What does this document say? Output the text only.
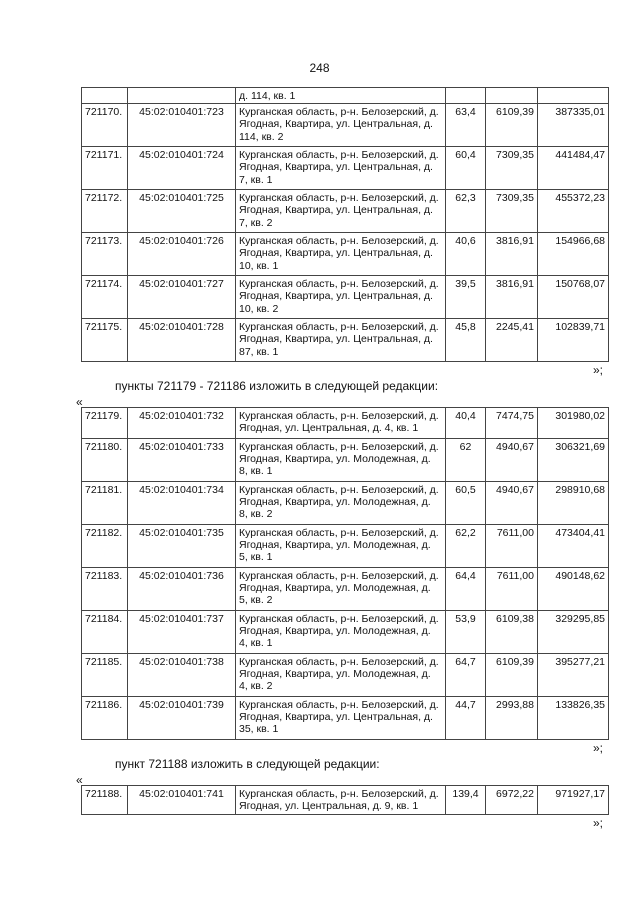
248
		д. 114, кв. 1			
721170.	45:02:010401:723	Курганская область, р-н. Белозерский, д. Ягодная, Квартира, ул. Центральная, д. 114, кв. 2	63,4	6109,39	387335,01
721171.	45:02:010401:724	Курганская область, р-н. Белозерский, д. Ягодная, Квартира, ул. Центральная, д. 7, кв. 1	60,4	7309,35	441484,47
721172.	45:02:010401:725	Курганская область, р-н. Белозерский, д. Ягодная, Квартира, ул. Центральная, д. 7, кв. 2	62,3	7309,35	455372,23
721173.	45:02:010401:726	Курганская область, р-н. Белозерский, д. Ягодная, Квартира, ул. Центральная, д. 10, кв. 1	40,6	3816,91	154966,68
721174.	45:02:010401:727	Курганская область, р-н. Белозерский, д. Ягодная, Квартира, ул. Центральная, д. 10, кв. 2	39,5	3816,91	150768,07
721175.	45:02:010401:728	Курганская область, р-н. Белозерский, д. Ягодная, Квартира, ул. Центральная, д. 87, кв. 1	45,8	2245,41	102839,71
»;
пункты 721179 - 721186 изложить в следующей редакции:
«
721179.	45:02:010401:732	Курганская область, р-н. Белозерский, д. Ягодная, ул. Центральная, д. 4, кв. 1	40,4	7474,75	301980,02
721180.	45:02:010401:733	Курганская область, р-н. Белозерский, д. Ягодная, Квартира, ул. Молодежная, д. 8, кв. 1	62	4940,67	306321,69
721181.	45:02:010401:734	Курганская область, р-н. Белозерский, д. Ягодная, Квартира, ул. Молодежная, д. 8, кв. 2	60,5	4940,67	298910,68
721182.	45:02:010401:735	Курганская область, р-н. Белозерский, д. Ягодная, Квартира, ул. Молодежная, д. 5, кв. 1	62,2	7611,00	473404,41
721183.	45:02:010401:736	Курганская область, р-н. Белозерский, д. Ягодная, Квартира, ул. Молодежная, д. 5, кв. 2	64,4	7611,00	490148,62
721184.	45:02:010401:737	Курганская область, р-н. Белозерский, д. Ягодная, Квартира, ул. Молодежная, д. 4, кв. 1	53,9	6109,38	329295,85
721185.	45:02:010401:738	Курганская область, р-н. Белозерский, д. Ягодная, Квартира, ул. Молодежная, д. 4, кв. 2	64,7	6109,39	395277,21
721186.	45:02:010401:739	Курганская область, р-н. Белозерский, д. Ягодная, Квартира, ул. Центральная, д. 35, кв. 1	44,7	2993,88	133826,35
»;
пункт 721188 изложить в следующей редакции:
«
721188.	45:02:010401:741	Курганская область, р-н. Белозерский, д. Ягодная, ул. Центральная, д. 9, кв. 1	139,4	6972,22	971927,17
»;
